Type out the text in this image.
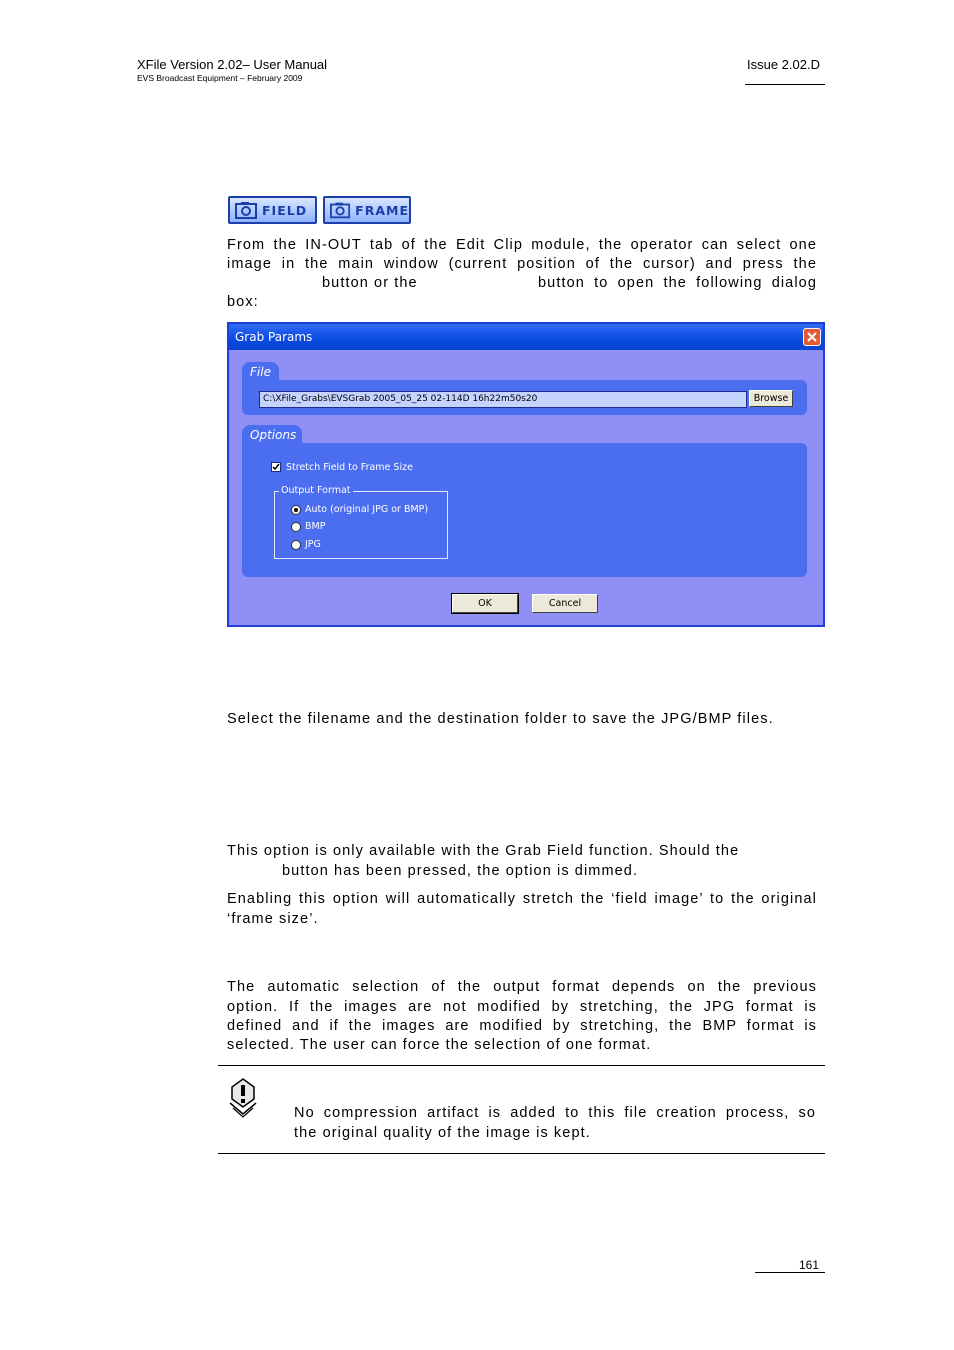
XFile Version 2.02– User Manual
EVS Broadcast Equipment – February 2009
Issue 2.02.D
FIELD	FRAME
From the IN-OUT tab of the Edit Clip module, the operator can select one
image in the main window (current position of the cursor) and press the
button or the	button to open the following dialog
box:
Grab Params
File
C:\XFile_Grabs\EVSGrab 2005_05_25 02-114D 16h22m50s20	Browse
Options
Stretch Field to Frame Size
Output Format
Auto (original JPG or BMP)
BMP
JPG
OK	Cancel
Select the filename and the destination folder to save the JPG/BMP files.
This option is only available with the Grab Field function. Should the
button has been pressed, the option is dimmed.
Enabling this option will automatically stretch the ‘field image’ to the original
‘frame size’.
The automatic selection of the output format depends on the previous
option. If the images are not modified by stretching, the JPG format is
defined and if the images are modified by stretching, the BMP format is
selected. The user can force the selection of one format.
No compression artifact is added to this file creation process, so
the original quality of the image is kept.
161
